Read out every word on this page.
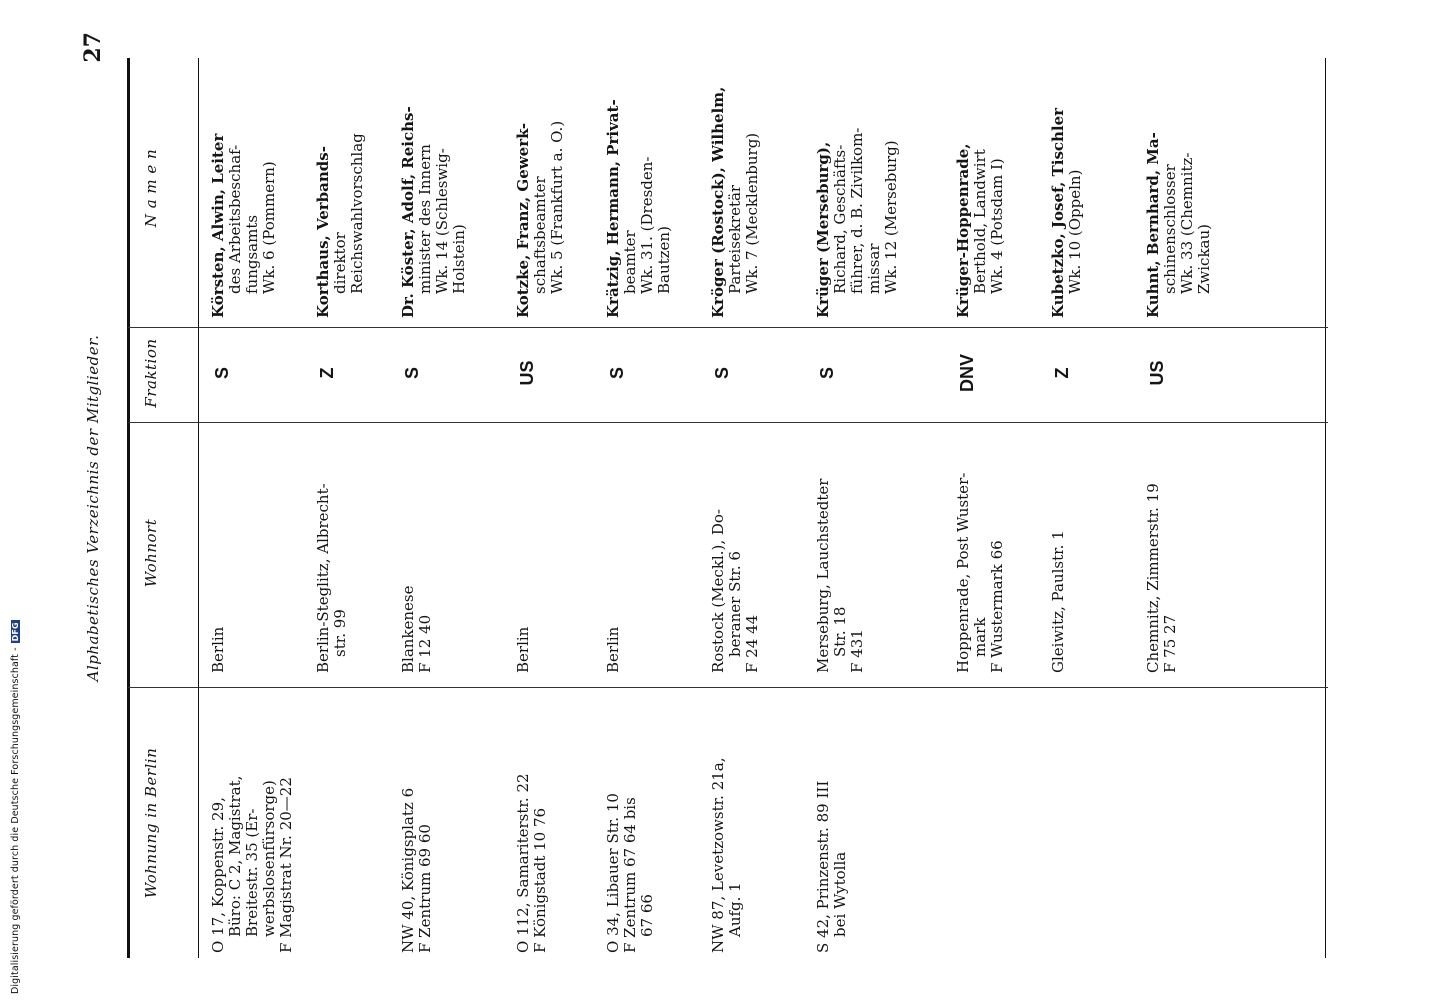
Digitalisierung gefördert durch die Deutsche Forschungsgemeinschaft -DFG
27
Alphabetisches Verzeichnis der Mitglieder.
N a m e n
Fraktion
Wohnort
Wohnung in Berlin
Körsten, Alwin, Leiter des Arbeitsbeschaf- fungsamts Wk. 6 (Pommern)
S
Berlin
O 17, Koppenstr. 29, Büro: C 2, Magistrat, Breitestr. 35 (Er- werbslosenfürsorge) F Magistrat Nr. 20—22
Korthaus, Verbands- direktor Reichswahlvorschlag
Z
Berlin-Steglitz, Albrecht- str. 99
Dr. Köster, Adolf, Reichs- minister des Innern Wk. 14 (Schleswig- Holstein)
S
Blankenese F 12 40
NW 40, Königsplatz 6 F Zentrum 69 60
Kotzke, Franz, Gewerk- schaftsbeamter Wk. 5 (Frankfurt a. O.)
US
Berlin
O 112, Samariterstr. 22 F Königstadt 10 76
Krätzig, Hermann, Privat- beamter Wk. 31. (Dresden- Bautzen)
S
Berlin
O 34, Libauer Str. 10 F Zentrum 67 64 bis 67 66
Kröger (Rostock), Wilhelm, Parteisekretär Wk. 7 (Mecklenburg)
S
Rostock (Meckl.), Do- beraner Str. 6 F 24 44
NW 87, Levetzowstr. 21a, Aufg. 1
Krüger (Merseburg), Richard, Geschäfts- führer, d. B. Zivilkom- missar Wk. 12 (Merseburg)
S
Merseburg, Lauchstedter Str. 18 F 431
S 42, Prinzenstr. 89 III bei Wytolla
Krüger-Hoppenrade, Berthold, Landwirt Wk. 4 (Potsdam I)
DNV
Hoppenrade, Post Wuster- mark F Wustermark 66
Kubetzko, Josef, Tischler Wk. 10 (Oppeln)
Z
Gleiwitz, Paulstr. 1
Kuhnt, Bernhard, Ma- schinenschlosser Wk. 33 (Chemnitz- Zwickau)
US
Chemnitz, Zimmerstr. 19 F 75 27
